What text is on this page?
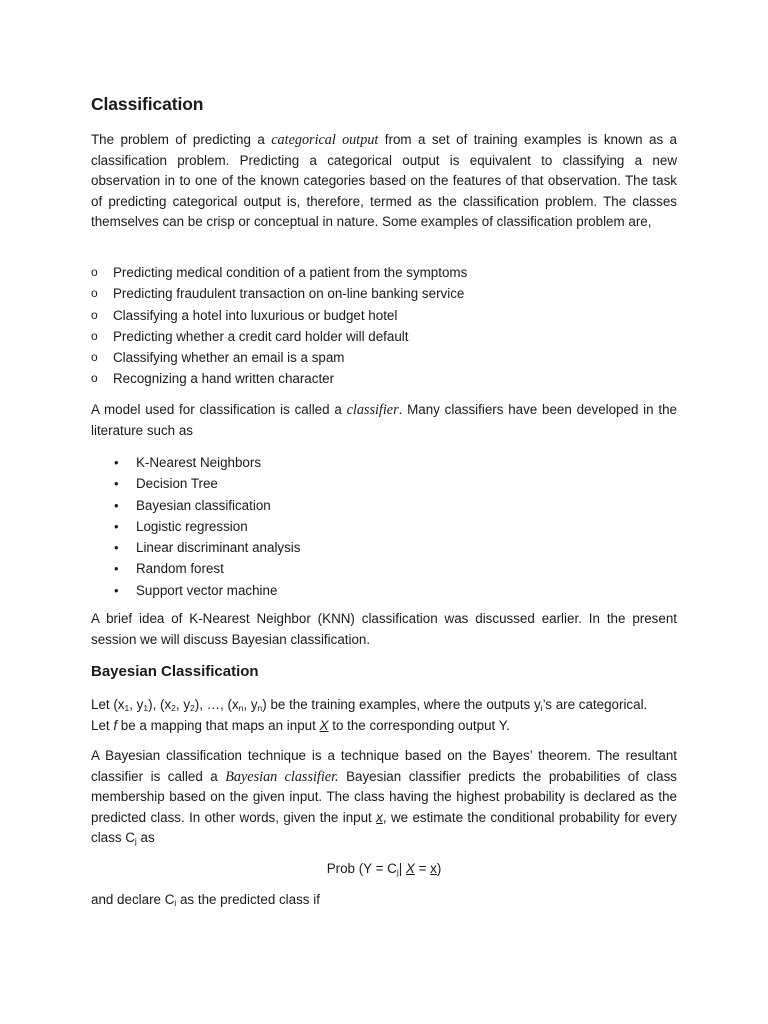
Classification

The problem of predicting a categorical output from a set of training examples is known as a classification problem. Predicting a categorical output is equivalent to classifying a new observation in to one of the known categories based on the features of that observation. The task of predicting categorical output is, therefore, termed as the classification problem. The classes themselves can be crisp or conceptual in nature. Some examples of classification problem are,

o Predicting medical condition of a patient from the symptoms
o Predicting fraudulent transaction on on-line banking service
o Classifying a hotel into luxurious or budget hotel
o Predicting whether a credit card holder will default
o Classifying whether an email is a spam
o Recognizing a hand written character

A model used for classification is called a classifier. Many classifiers have been developed in the literature such as

• K-Nearest Neighbors
• Decision Tree
• Bayesian classification
• Logistic regression
• Linear discriminant analysis
• Random forest
• Support vector machine

A brief idea of K-Nearest Neighbor (KNN) classification was discussed earlier. In the present session we will discuss Bayesian classification.

Bayesian Classification

Let ($x_1$, $y_1$), ($x_2$, $y_2$), …, ($x_n$, $y_n$) be the training examples, where the outputs $y_i’s$ are categorical.
Let f be a mapping that maps an input X to the corresponding output Y.

A Bayesian classification technique is a technique based on the Bayes’ theorem. The resultant classifier is called a Bayesian classifier. Bayesian classifier predicts the probabilities of class membership based on the given input. The class having the highest probability is declared as the predicted class. In other words, given the input x, we estimate the conditional probability for every class $C_j$ as

Prob ($Y = C_j|$ X = x)

and declare $C_i$ as the predicted class if
